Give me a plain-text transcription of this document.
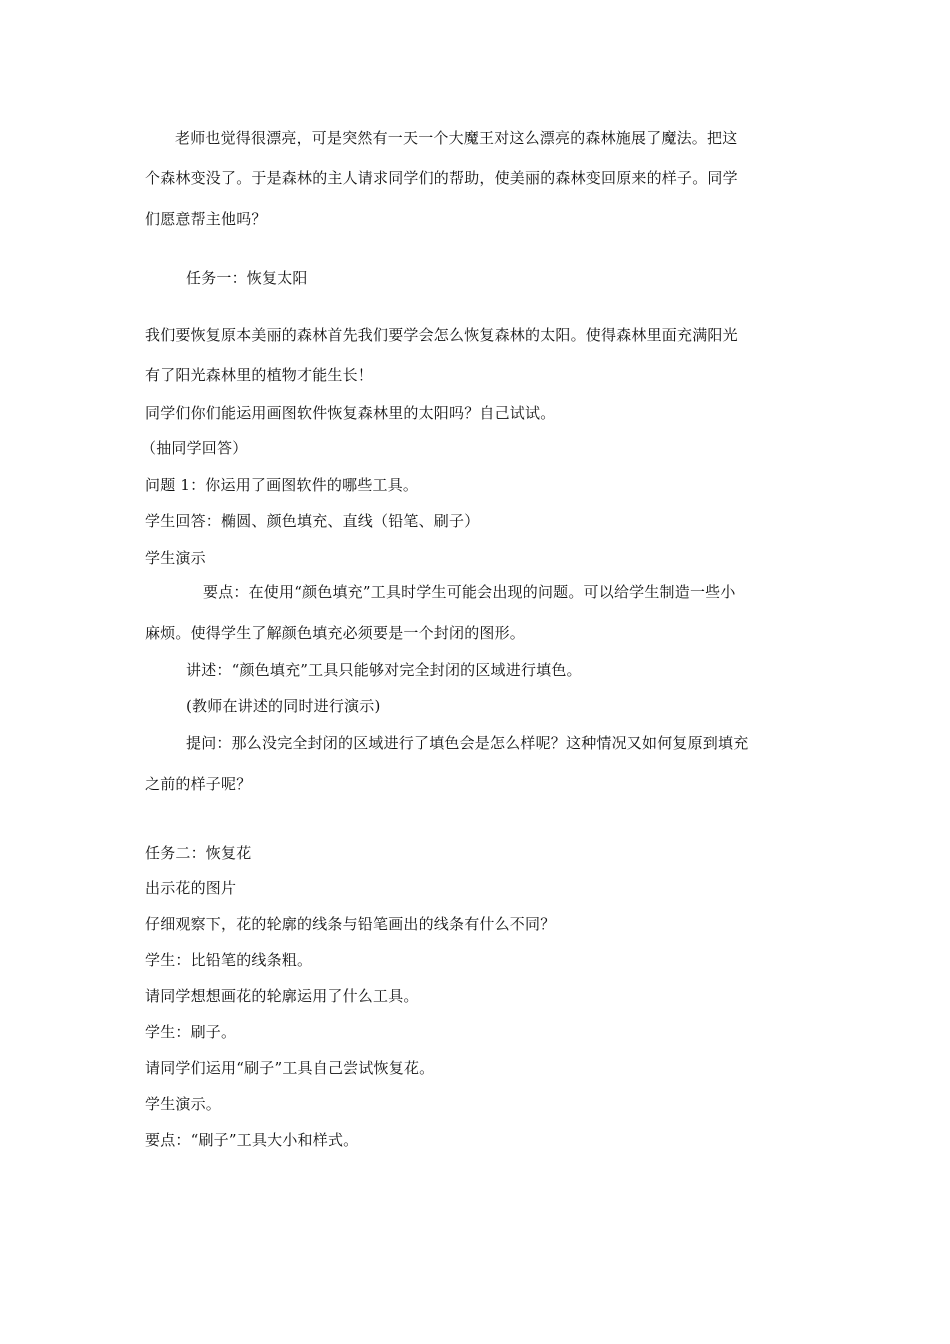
老师也觉得很漂亮，可是突然有一天一个大魔王对这么漂亮的森林施展了魔法。把这
个森林变没了。于是森林的主人请求同学们的帮助，使美丽的森林变回原来的样子。同学
们愿意帮主他吗？
任务一：恢复太阳
我们要恢复原本美丽的森林首先我们要学会怎么恢复森林的太阳。使得森林里面充满阳光
有了阳光森林里的植物才能生长！
同学们你们能运用画图软件恢复森林里的太阳吗？自己试试。
（抽同学回答）
问题 1：你运用了画图软件的哪些工具。
学生回答：椭圆、颜色填充、直线（铅笔、刷子）
学生演示
要点：在使用“颜色填充”工具时学生可能会出现的问题。可以给学生制造一些小
麻烦。使得学生了解颜色填充必须要是一个封闭的图形。
讲述：“颜色填充”工具只能够对完全封闭的区域进行填色。
(教师在讲述的同时进行演示)
提问：那么没完全封闭的区域进行了填色会是怎么样呢？这种情况又如何复原到填充
之前的样子呢？
任务二：恢复花
出示花的图片
仔细观察下，花的轮廓的线条与铅笔画出的线条有什么不同？
学生：比铅笔的线条粗。
请同学想想画花的轮廓运用了什么工具。
学生：刷子。
请同学们运用“刷子”工具自己尝试恢复花。
学生演示。
要点：“刷子”工具大小和样式。
